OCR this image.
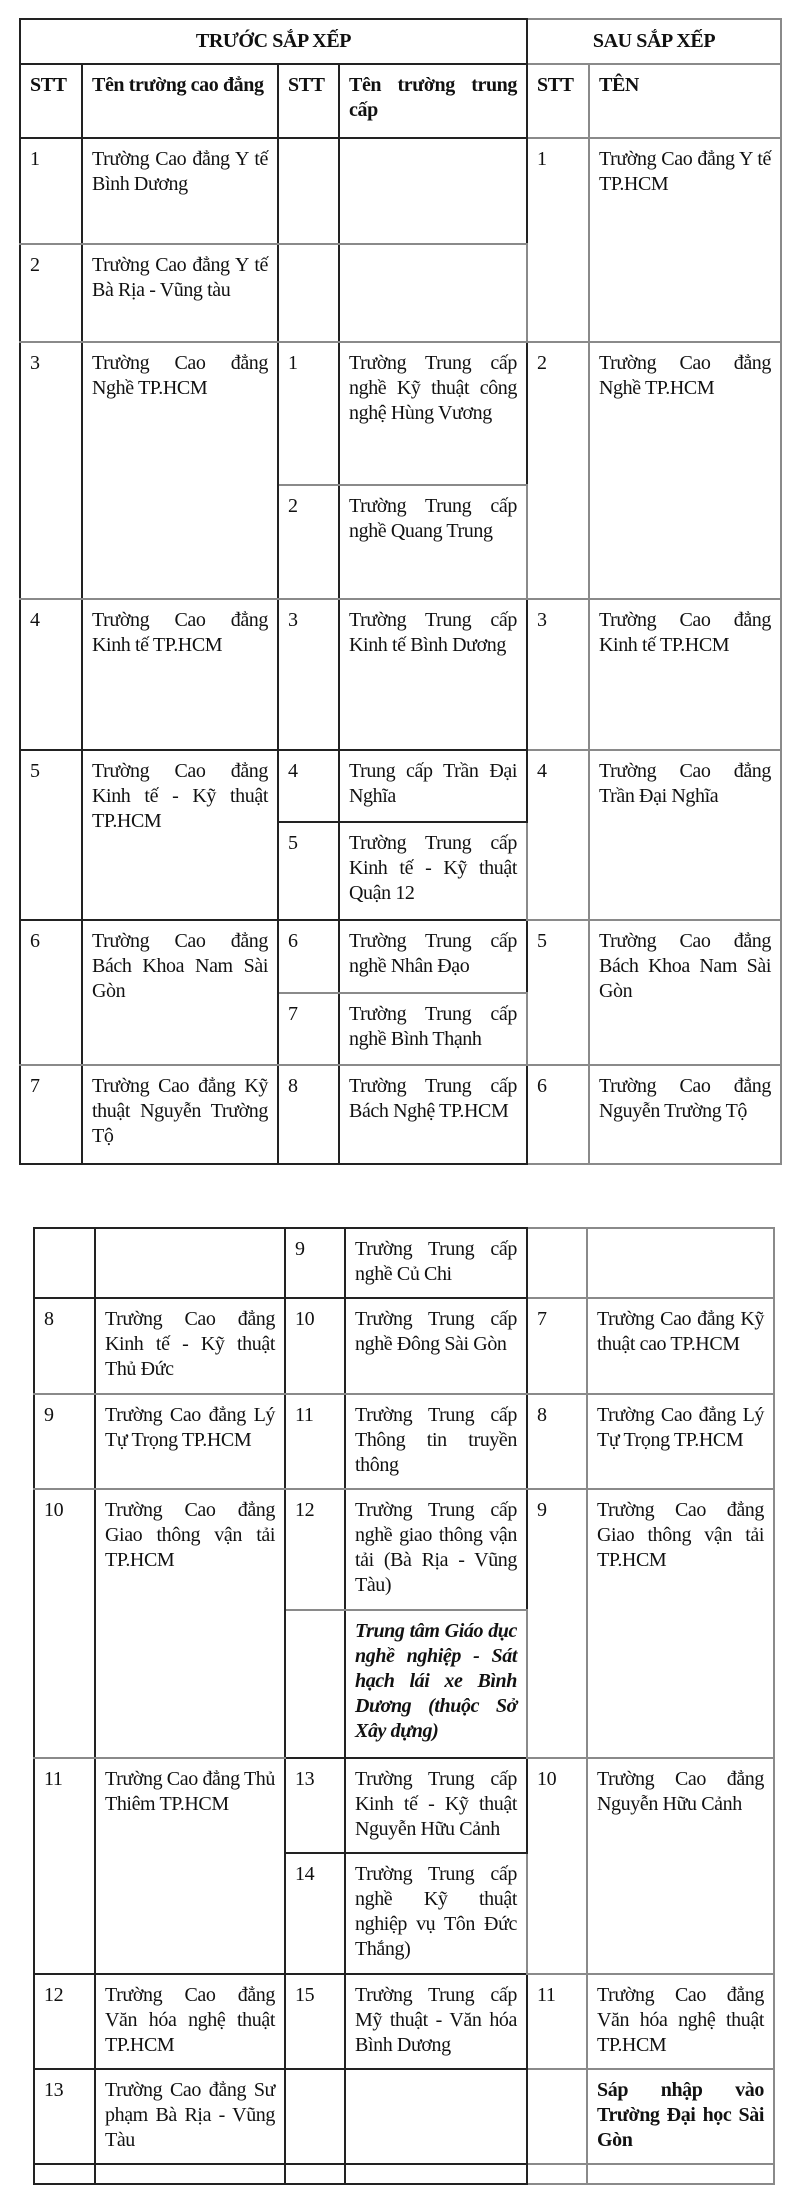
TRƯỚC SẮP XẾP				SAU SẮP XẾP	
STT	Tên trường cao đẳng	STT	Tên trường trung cấp	STT	TÊN
1	Trường Cao đẳng Y tế Bình Dương			1	Trường Cao đẳng Y tế TP.HCM
2	Trường Cao đẳng Y tế Bà Rịa - Vũng tàu				
3	Trường Cao đẳng Nghề TP.HCM	1	Trường Trung cấp nghề Kỹ thuật công nghệ Hùng Vương	2	Trường Cao đẳng Nghề TP.HCM
		2	Trường Trung cấp nghề Quang Trung		
4	Trường Cao đẳng Kinh tế TP.HCM	3	Trường Trung cấp Kinh tế Bình Dương	3	Trường Cao đẳng Kinh tế TP.HCM
5	Trường Cao đẳng Kinh tế - Kỹ thuật TP.HCM	4	Trung cấp Trần Đại Nghĩa	4	Trường Cao đẳng Trần Đại Nghĩa
		5	Trường Trung cấp Kinh tế - Kỹ thuật Quận 12		
6	Trường Cao đẳng Bách Khoa Nam Sài Gòn	6	Trường Trung cấp nghề Nhân Đạo	5	Trường Cao đẳng Bách Khoa Nam Sài Gòn
		7	Trường Trung cấp nghề Bình Thạnh		
7	Trường Cao đẳng Kỹ thuật Nguyễn Trường Tộ	8	Trường Trung cấp Bách Nghệ TP.HCM	6	Trường Cao đẳng Nguyễn Trường Tộ
		9	Trường Trung cấp nghề Củ Chi		
8	Trường Cao đẳng Kinh tế - Kỹ thuật Thủ Đức	10	Trường Trung cấp nghề Đông Sài Gòn	7	Trường Cao đẳng Kỹ thuật cao TP.HCM
9	Trường Cao đẳng Lý Tự Trọng TP.HCM	11	Trường Trung cấp Thông tin truyền thông	8	Trường Cao đẳng Lý Tự Trọng TP.HCM
10	Trường Cao đẳng Giao thông vận tải TP.HCM	12	Trường Trung cấp nghề giao thông vận tải (Bà Rịa - Vũng Tàu)	9	Trường Cao đẳng Giao thông vận tải TP.HCM
			Trung tâm Giáo dục nghề nghiệp - Sát hạch lái xe Bình Dương (thuộc Sở Xây dựng)		
11	Trường Cao đẳng Thủ Thiêm TP.HCM	13	Trường Trung cấp Kinh tế - Kỹ thuật Nguyễn Hữu Cảnh	10	Trường Cao đẳng Nguyễn Hữu Cảnh
		14	Trường Trung cấp nghề Kỹ thuật nghiệp vụ Tôn Đức Thắng)		
12	Trường Cao đẳng Văn hóa nghệ thuật TP.HCM	15	Trường Trung cấp Mỹ thuật - Văn hóa Bình Dương	11	Trường Cao đẳng Văn hóa nghệ thuật TP.HCM
13	Trường Cao đẳng Sư phạm Bà Rịa - Vũng Tàu				Sáp nhập vào Trường Đại học Sài Gòn
